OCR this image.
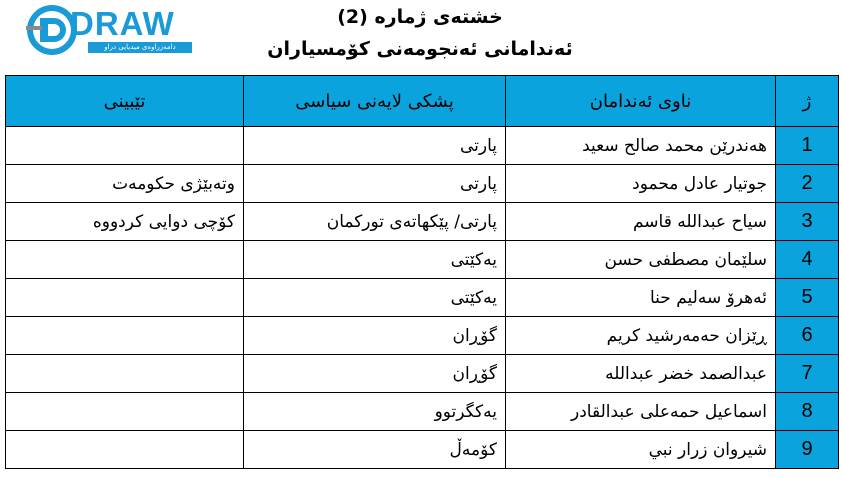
DRAW
دامەزراوەی میدیایی دراو
خشتەی ژمارە (2)
ئەندامانی ئەنجومەنی کۆمسیاران
ژ	ناوی ئەندامان	پشکی لایەنی سیاسی	تێبینی
1	هەندرێن محمد صالح سعید	پارتی	
2	جوتیار عادل محمود	پارتی	وتەبێژی حکومەت
3	سیاح عبدالله قاسم	پارتی/ پێکهاتەی تورکمان	کۆچی دوایی کردووە
4	سلێمان مصطفی حسن	یەکێتی	
5	ئەهرۆ سەلیم حنا	یەکێتی	
6	ڕێزان حەمەرشید کریم	گۆڕان	
7	عبدالصمد خضر عبدالله	گۆڕان	
8	اسماعیل حمەعلی عبدالقادر	یەکگرتوو	
9	شیروان زرار نبي	کۆمەڵ	
